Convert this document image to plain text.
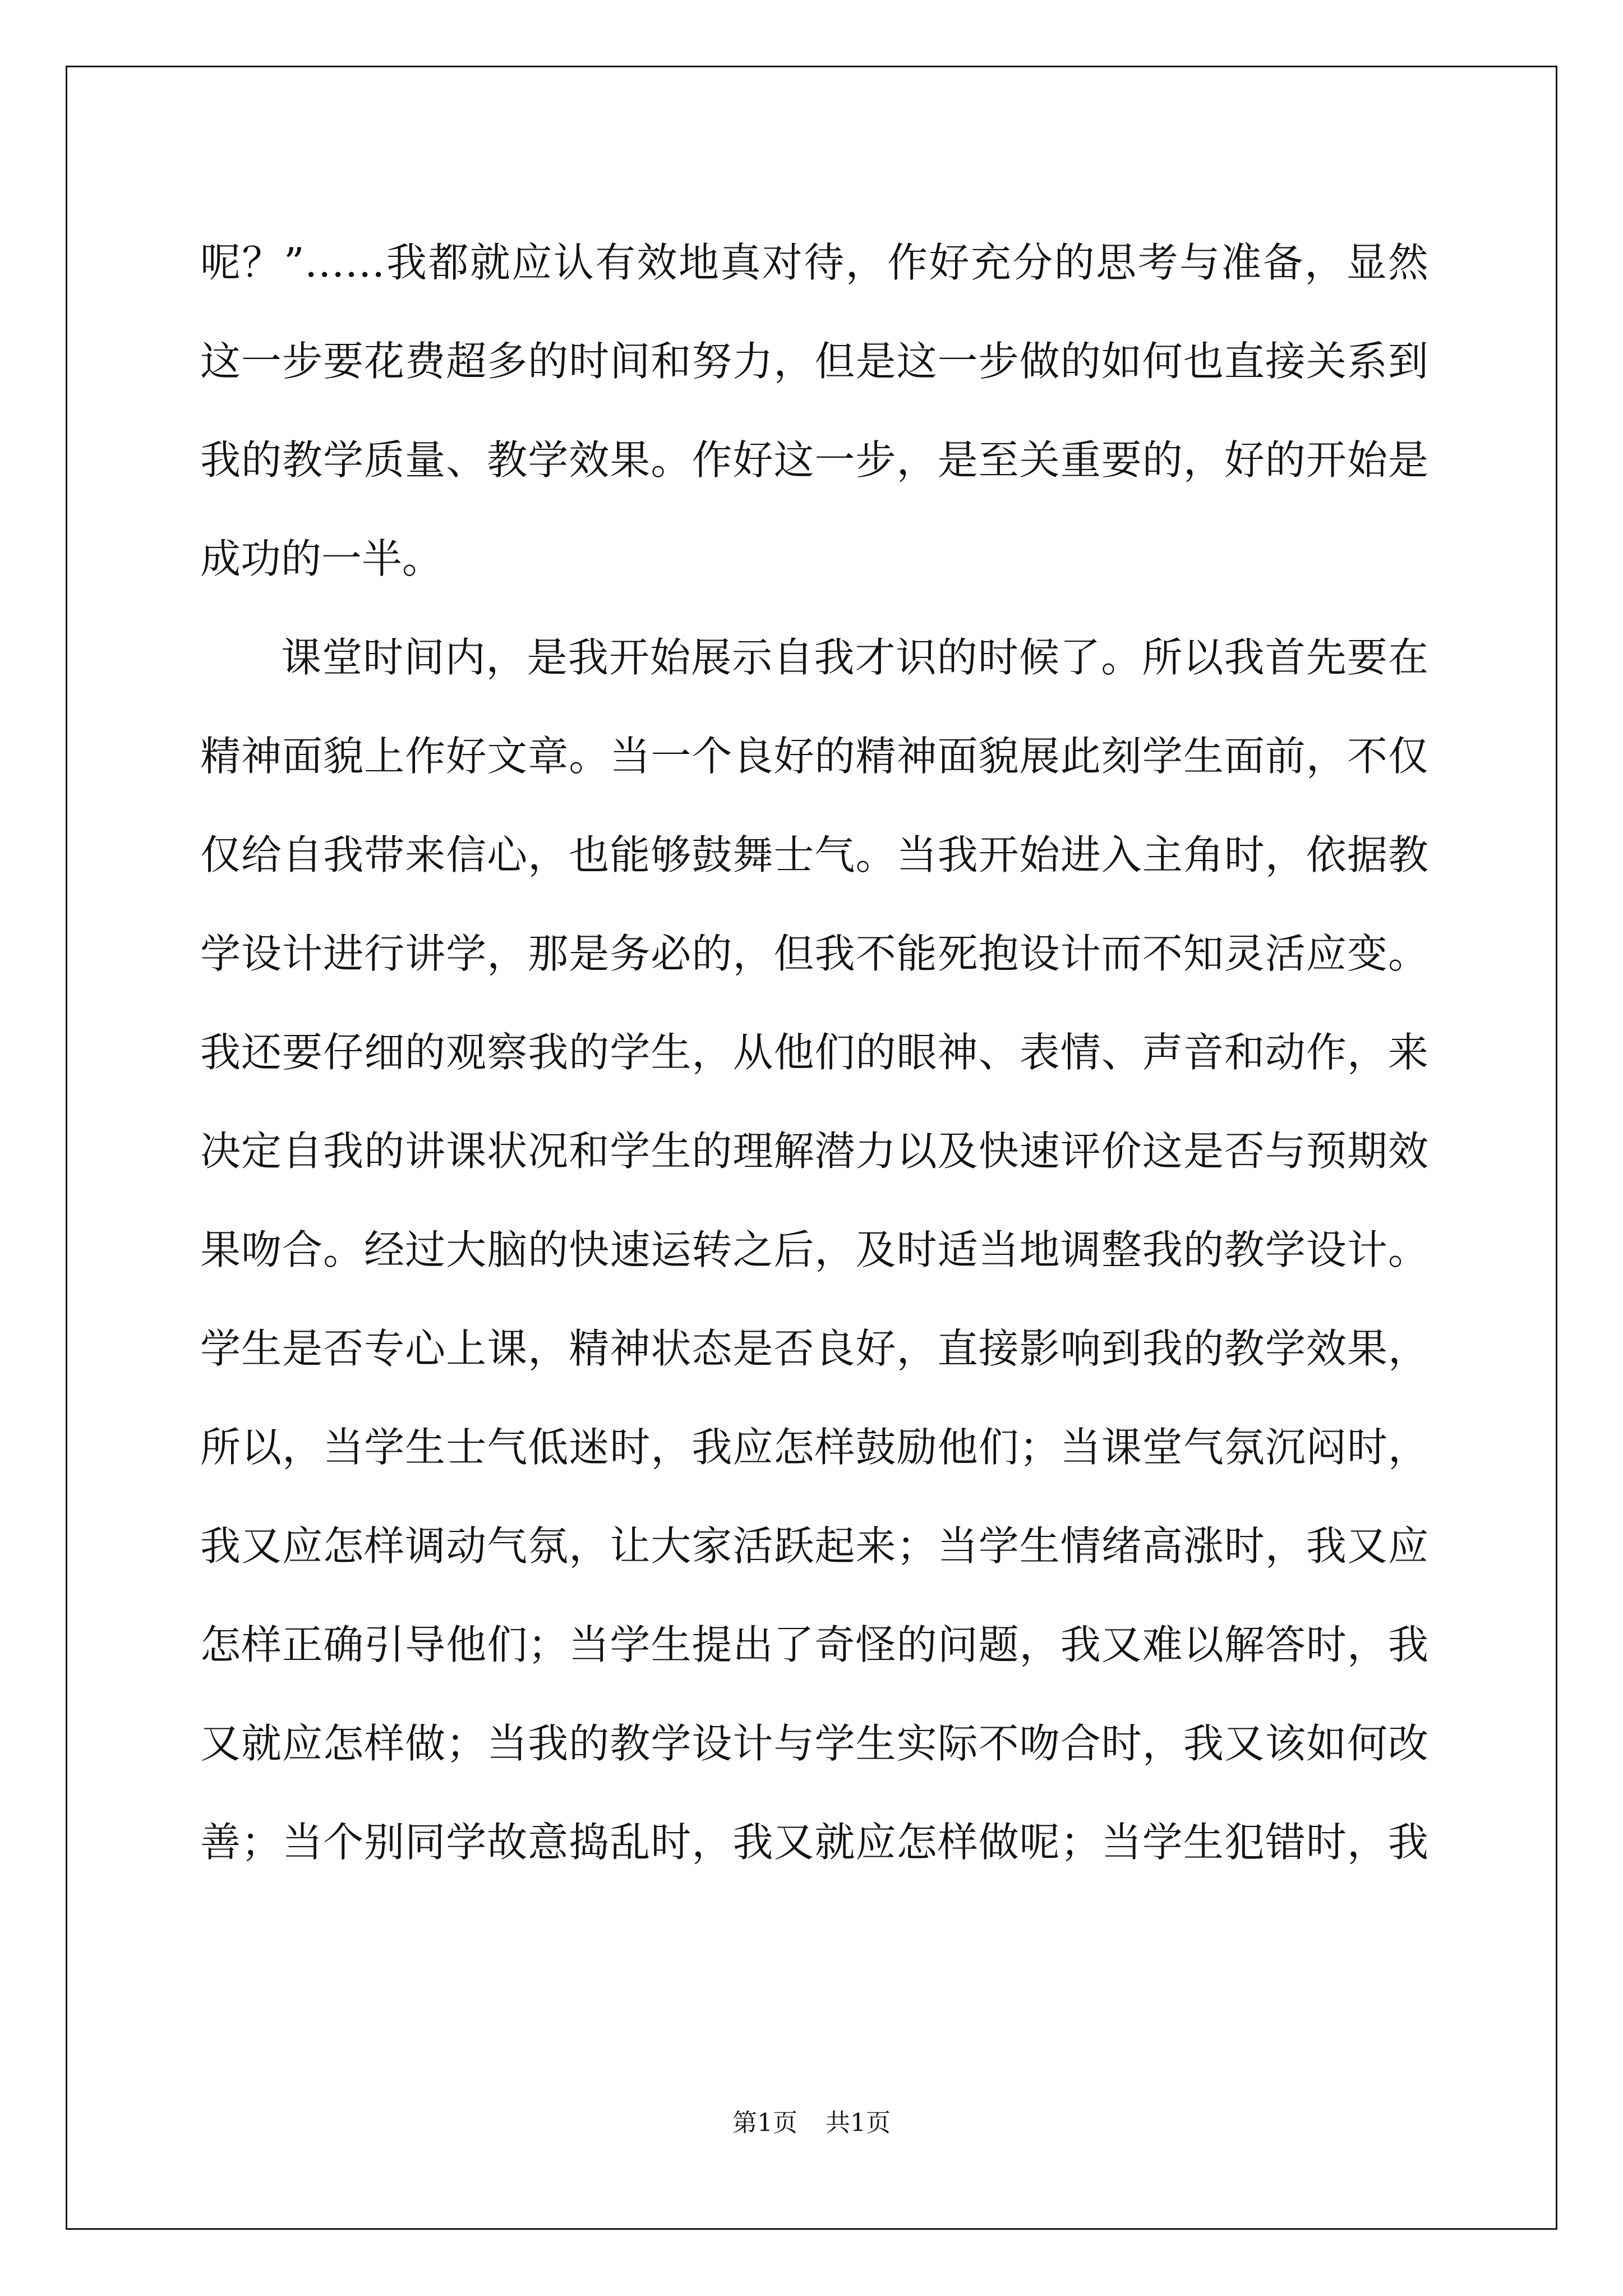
呢？”……我都就应认有效地真对待，作好充分的思考与准备，显然
这一步要花费超多的时间和努力，但是这一步做的如何也直接关系到
我的教学质量、教学效果。作好这一步，是至关重要的，好的开始是
成功的一半。
课堂时间内，是我开始展示自我才识的时候了。所以我首先要在
精神面貌上作好文章。当一个良好的精神面貌展此刻学生面前，不仅
仅给自我带来信心，也能够鼓舞士气。当我开始进入主角时，依据教
学设计进行讲学，那是务必的，但我不能死抱设计而不知灵活应变。
我还要仔细的观察我的学生，从他们的眼神、表情、声音和动作，来
决定自我的讲课状况和学生的理解潜力以及快速评价这是否与预期效
果吻合。经过大脑的快速运转之后，及时适当地调整我的教学设计。
学生是否专心上课，精神状态是否良好，直接影响到我的教学效果，
所以，当学生士气低迷时，我应怎样鼓励他们；当课堂气氛沉闷时，
我又应怎样调动气氛，让大家活跃起来；当学生情绪高涨时，我又应
怎样正确引导他们；当学生提出了奇怪的问题，我又难以解答时，我
又就应怎样做；当我的教学设计与学生实际不吻合时，我又该如何改
善；当个别同学故意捣乱时，我又就应怎样做呢；当学生犯错时，我
第1页 共1页
